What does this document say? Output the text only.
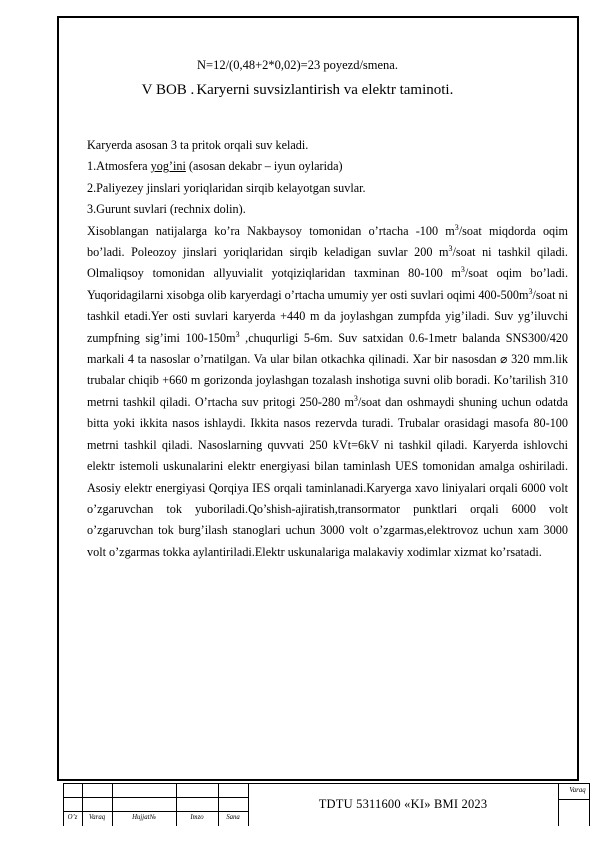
N=12/(0,48+2*0,02)=23 poyezd/smena.
V BOB . Karyerni suvsizlantirish va elektr taminoti.

Karyerda asosan 3 ta pritok orqali suv keladi.

1.Atmosfera yog’ini (asosan dekabr – iyun oylarida)

2.Paliyezey jinslari yoriqlaridan sirqib kelayotgan suvlar.

3.Gurunt suvlari (rechnix dolin).

Xisoblangan natijalarga ko’ra Nakbaysoy tomonidan o’rtacha -100 $m^3$/soat miqdorda oqim bo’ladi. Poleozoy jinslari yoriqlaridan sirqib keladigan suvlar 200 $m^3$/soat ni tashkil qiladi. Olmaliqsoy tomonidan allyuvialit yotqiziqlaridan taxminan 80-100 $m^3$/soat oqim bo’ladi. Yuqoridagilarni xisobga olib karyerdagi o’rtacha umumiy yer osti suvlari oqimi $400-500m^3$/soat ni tashkil etadi.Yer osti suvlari karyerda +440 m da joylashgan zumpfda yig’iladi. Suv yg’iluvchi zumpfning sig’imi $100-150m^3$ ,chuqurligi 5-6m. Suv satxidan 0.6-1metr balanda SNS300/420 markali 4 ta nasoslar o’rnatilgan. Va ular bilan otkachka qilinadi. Xar bir nasosdan ⌀ 320 mm.lik trubalar chiqib +660 m gorizonda joylashgan tozalash inshotiga suvni olib boradi. Ko’tarilish 310 metrni tashkil qiladi. O’rtacha suv pritogi 250-280 $m^3$/soat dan oshmaydi shuning uchun odatda bitta yoki ikkita nasos ishlaydi. Ikkita nasos rezervda turadi. Trubalar orasidagi masofa 80-100 metrni tashkil qiladi. Nasoslarning quvvati 250 kVt=6kV ni tashkil qiladi. Karyerda ishlovchi elektr istemoli uskunalarini elektr energiyasi bilan taminlash UES tomonidan amalga oshiriladi. Asosiy elektr energiyasi Qorqiya IES orqali taminlanadi.Karyerga xavo liniyalari orqali 6000 volt o’zgaruvchan tok yuboriladi.Qo’shish-ajiratish,transormator punktlari orqali 6000 volt o’zgaruvchan tok burg’ilash stanoglari uchun 3000 volt o’zgarmas,elektrovoz uchun xam 3000 volt o’zgarmas tokka aylantiriladi.Elektr uskunalariga malakaviy xodimlar xizmat ko’rsatadi.

O’z	Varaq	Hujjat№	Imzo	Sana
TDTU 5311600 «KI» BMI 2023
Varaq
